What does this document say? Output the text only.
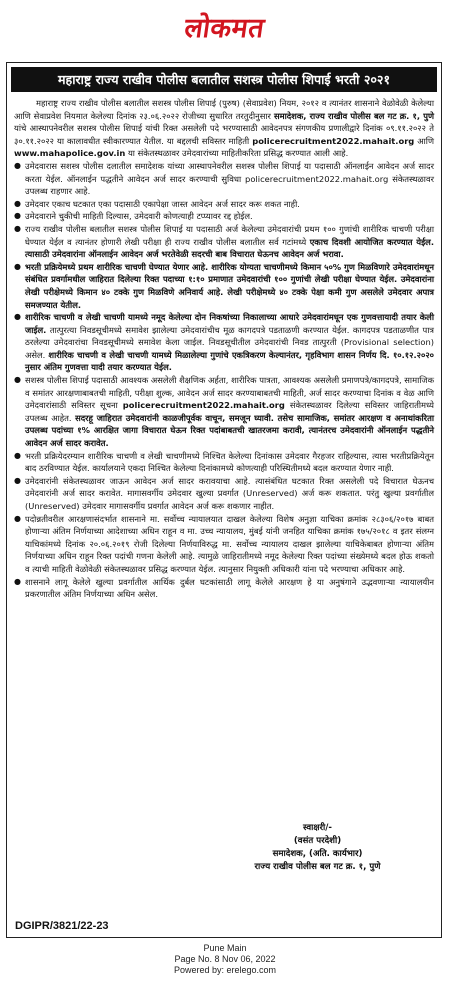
लोकमत
महाराष्ट्र राज्य राखीव पोलीस बलातील सशस्त्र पोलीस शिपाई भरती २०२१

महाराष्ट्र राज्य राखीव पोलीस बलातील सशस्त्र पोलीस शिपाई (पुरुष) (सेवाप्रवेश) नियम, २०१२ व त्यानंतर शासनाने वेळोवेळी केलेल्या आणि सेवाप्रवेश नियमात केलेल्या दिनांक २३.०६.२०२२ रोजीच्या सुधारित तरतुदीनुसार समादेशक, राज्य राखीव पोलीस बल गट क्र. १, पुणे यांचे आस्थापनेवरील सशस्त्र पोलीस शिपाई यांची रिक्त असलेली पदे भरण्यासाठी आवेदनपत्र संगणकीय प्रणालीद्वारे दिनांक ०९.११.२०२२ ते ३०.११.२०२२ या कालावधीत स्वीकारण्यात येतील. या बद्दलची सविस्तर माहिती policerecruitment2022.mahait.org आणि www.mahapolice.gov.in या संकेतस्थळावर उमेदवारांच्या माहितीकरिता प्रसिद्ध करण्यात आली आहे.

● उमेदवारास सशस्त्र पोलीस दलातील समादेशक यांच्या आस्थापनेवरील सशस्त्र पोलीस शिपाई या पदासाठी ऑनलाईन आवेदन अर्ज सादर करता येईल. ऑनलाईन पद्धतीने आवेदन अर्ज सादर करण्याची सुविधा policerecruitment2022.mahait.org संकेतस्थळावर उपलब्ध राहणार आहे.
● उमेदवार एकाच घटकात एका पदासाठी एकापेक्षा जास्त आवेदन अर्ज सादर करू शकत नाही.
● उमेदवाराने चुकीची माहिती दिल्यास, उमेदवारी कोणत्याही टप्प्यावर रद्द होईल.
● राज्य राखीव पोलीस बलातील सशस्त्र पोलीस शिपाई या पदासाठी अर्ज केलेल्या उमेदवारांची प्रथम १०० गुणांची शारीरिक चाचणी परीक्षा घेण्यात येईल व त्यानंतर होणारी लेखी परीक्षा ही राज्य राखीव पोलीस बलातील सर्व गटांमध्ये एकाच दिवशी आयोजित करण्यात येईल. त्यासाठी उमेदवारांना ऑनलाईन आवेदन अर्ज भरतेवेळी सदरची बाब विचारात घेऊनच आवेदन अर्ज भरावा.
● भरती प्रक्रियेमध्ये प्रथम शारीरिक चाचणी घेण्यात येणार आहे. शारीरिक योग्यता चाचणीमध्ये किमान ५०% गुण मिळविणारे उमेदवारांमधून संबंधित प्रवर्गामधील जाहिरात दिलेल्या रिक्त पदाच्या १:१० प्रमाणात उमेदवारांची १०० गुणांची लेखी परीक्षा घेण्यात येईल. उमेदवारांना लेखी परीक्षेमध्ये किमान ४० टक्के गुण मिळविणे अनिवार्य आहे. लेखी परीक्षेमध्ये ४० टक्के पेक्षा कमी गुण असलेले उमेदवार अपात्र समजण्यात येतील.
● शारीरिक चाचणी व लेखी चाचणी यामध्ये नमूद केलेल्या दोन निकषांच्या निकालाच्या आधारे उमेदवारांमधून एक गुणवत्तायादी तयार केली जाईल. तात्पुरत्या निवडसूचीमध्ये समावेश झालेल्या उमेदवारांचीच मूळ कागदपत्रे पडताळणी करण्यात येईल. कागदपत्र पडताळणीत पात्र ठरलेल्या उमेदवारांचा निवडसूचीमध्ये समावेश केला जाईल. निवडसूचीतील उमेदवारांची निवड तात्पुरती (Provisional selection) असेल. शारीरिक चाचणी व लेखी चाचणी यामध्ये मिळालेल्या गुणांचे एकत्रिकरण केल्यानंतर, गृहविभाग शासन निर्णय दि. १०.१२.२०२० नुसार अंतिम गुणवत्ता यादी तयार करण्यात येईल.
● सशस्त्र पोलीस शिपाई पदासाठी आवश्यक असलेली शैक्षणिक अर्हता, शारीरिक पात्रता, आवश्यक असलेली प्रमाणपत्रे/कागदपत्रे, सामाजिक व समांतर आरक्षणाबाबतची माहिती, परीक्षा शुल्क, आवेदन अर्ज सादर करण्याबाबतची माहिती, अर्ज सादर करण्याचा दिनांक व वेळ आणि उमेदवारांसाठी सविस्तर सूचना policerecruitment2022.mahait.org संकेतस्थळावर दिलेल्या सविस्तर जाहिरातीमध्ये उपलब्ध आहेत. सदरहू जाहिरात उमेदवारांनी काळजीपूर्वक वाचून, समजून घ्यावी. तसेच सामाजिक, समांतर आरक्षण व अनाथांकरिता उपलब्ध पदांच्या १% आरक्षित जागा विचारात घेऊन रिक्त पदांबाबतची खातरजमा करावी, त्यानंतरच उमेदवारांनी ऑनलाईन पद्धतीने आवेदन अर्ज सादर करावेत.
● भरती प्रक्रियेदरम्यान शारीरिक चाचणी व लेखी चाचणीमध्ये निश्चित केलेल्या दिनांकास उमेदवार गैरहजर राहिल्यास, त्यास भरतीप्रक्रियेतून बाद ठरविण्यात येईल. कार्यालयाने एकदा निश्चित केलेल्या दिनांकामध्ये कोणत्याही परिस्थितीमध्ये बदल करण्यात येणार नाही.
● उमेदवारांनी संकेतस्थळावर जाऊन आवेदन अर्ज सादर करावयाचा आहे. त्यासंबंधित घटकात रिक्त असलेली पदे विचारात घेऊनच उमेदवारांनी अर्ज सादर करावेत. मागासवर्गीय उमेदवार खुल्या प्रवर्गात (Unreserved) अर्ज करू शकतात. परंतु खुल्या प्रवर्गातील (Unreserved) उमेदवार मागासवर्गीय प्रवर्गात आवेदन अर्ज करू शकणार नाहीत.
● पदोन्नतीवरील आरक्षणासंदर्भात शासनाने मा. सर्वोच्च न्यायालयात दाखल केलेल्या विशेष अनुज्ञा याचिका क्रमांक २८३०६/२०१७ बाबत होणाऱ्या अंतिम निर्णयाच्या आदेशाच्या अधिन राहून व मा. उच्च न्यायालय, मुंबई यांनी जनहित याचिका क्रमांक १७५/२०१८ व इतर संलग्न याचिकांमध्ये दिनांक २०.०६.२०१९ रोजी दिलेल्या निर्णयाविरुद्ध मा. सर्वोच्च न्यायालय दाखल झालेल्या याचिकेबाबत होणाऱ्या अंतिम निर्णयाच्या अधिन राहून रिक्त पदांची गणना केलेली आहे. त्यामुळे जाहिरातीमध्ये नमूद केलेल्या रिक्त पदांच्या संख्येमध्ये बदल होऊ शकतो व त्याची माहिती वेळोवेळी संकेतस्थळावर प्रसिद्ध करण्यात येईल. त्यानुसार नियुक्ती अधिकारी यांना पदे भरण्याचा अधिकार आहे.
● शासनाने लागू केलेले खुल्या प्रवर्गातील आर्थिक दुर्बल घटकांसाठी लागू केलेले आरक्षण हे या अनुषंगाने उद्भवणाऱ्या न्यायालयीन प्रकरणातील अंतिम निर्णयाच्या अधिन असेल.
DGIPR/3821/22-23
स्वाक्षरी/-
(वसंत परदेशी)
समादेशक, (अति. कार्यभार)
राज्य राखीव पोलीस बल गट क्र. १, पुणे
Pune Main
Page No. 8 Nov 06, 2022
Powered by: erelego.com
